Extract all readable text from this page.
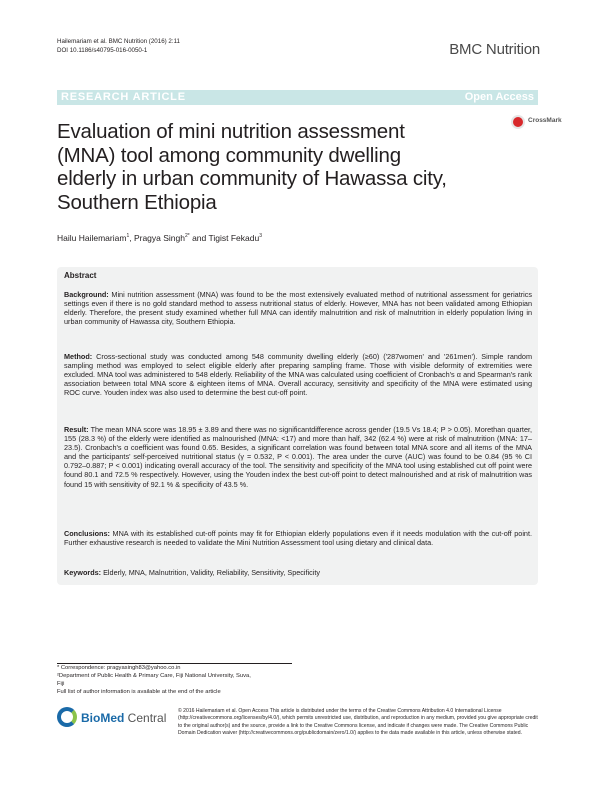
Hailemariam et al. BMC Nutrition (2016) 2:11
DOI 10.1186/s40795-016-0050-1	BMC Nutrition
RESEARCH ARTICLE	Open Access
Evaluation of mini nutrition assessment (MNA) tool among community dwelling elderly in urban community of Hawassa city, Southern Ethiopia
CrossMark
Hailu Hailemariam$^1$, Pragya Singh$^{2*}$ and Tigist Fekadu$^3$
Abstract
Background: Mini nutrition assessment (MNA) was found to be the most extensively evaluated method of nutritional assessment for geriatrics settings even if there is no gold standard method to assess nutritional status of elderly. However, MNA has not been validated among Ethiopian elderly. Therefore, the present study examined whether full MNA can identify malnutrition and risk of malnutrition in elderly population living in urban community of Hawassa city, Southern Ethiopia.
Method: Cross-sectional study was conducted among 548 community dwelling elderly (≥60) ('287women' and '261men'). Simple random sampling method was employed to select eligible elderly after preparing sampling frame. Those with visible deformity of extremities were excluded. MNA tool was administered to 548 elderly. Reliability of the MNA was calculated using coefficient of Cronbach's α and Spearman's rank association between total MNA score & eighteen items of MNA. Overall accuracy, sensitivity and specificity of the MNA were estimated using ROC curve. Youden index was also used to determine the best cut-off point.
Result: The mean MNA score was 18.95 ± 3.89 and there was no significantdifference across gender (19.5 Vs 18.4; P > 0.05). Morethan quarter, 155 (28.3 %) of the elderly were identified as malnourished (MNA: <17) and more than half, 342 (62.4 %) were at risk of malnutrition (MNA: 17–23.5). Cronbach's α coefficient was found 0.65. Besides, a significant correlation was found between total MNA score and all items of the MNA and the participants' self-perceived nutritional status (γ = 0.532, P < 0.001). The area under the curve (AUC) was found to be 0.84 (95 % CI 0.792–0.887; P < 0.001) indicating overall accuracy of the tool. The sensitivity and specificity of the MNA tool using established cut off point were found 80.1 and 72.5 % respectively. However, using the Youden index the best cut-off point to detect malnourished and at risk of malnutrition was found 15 with sensitivity of 92.1 % & specificity of 43.5 %.
Conclusions: MNA with its established cut-off points may fit for Ethiopian elderly populations even if it needs modulation with the cut-off point. Further exhaustive research is needed to validate the Mini Nutrition Assessment tool using dietary and clinical data.
Keywords: Elderly, MNA, Malnutrition, Validity, Reliability, Sensitivity, Specificity
* Correspondence: pragyasingh83@yahoo.co.in
²Department of Public Health & Primary Care, Fiji National University, Suva,
Fiji
Full list of author information is available at the end of the article
BioMed Central © 2016 Hailemariam et al. Open Access This article is distributed under the terms of the Creative Commons Attribution 4.0 International License (http://creativecommons.org/licenses/by/4.0/), which permits unrestricted use, distribution, and reproduction in any medium, provided you give appropriate credit to the original author(s) and the source, provide a link to the Creative Commons license, and indicate if changes were made. The Creative Commons Public Domain Dedication waiver (http://creativecommons.org/publicdomain/zero/1.0/) applies to the data made available in this article, unless otherwise stated.
